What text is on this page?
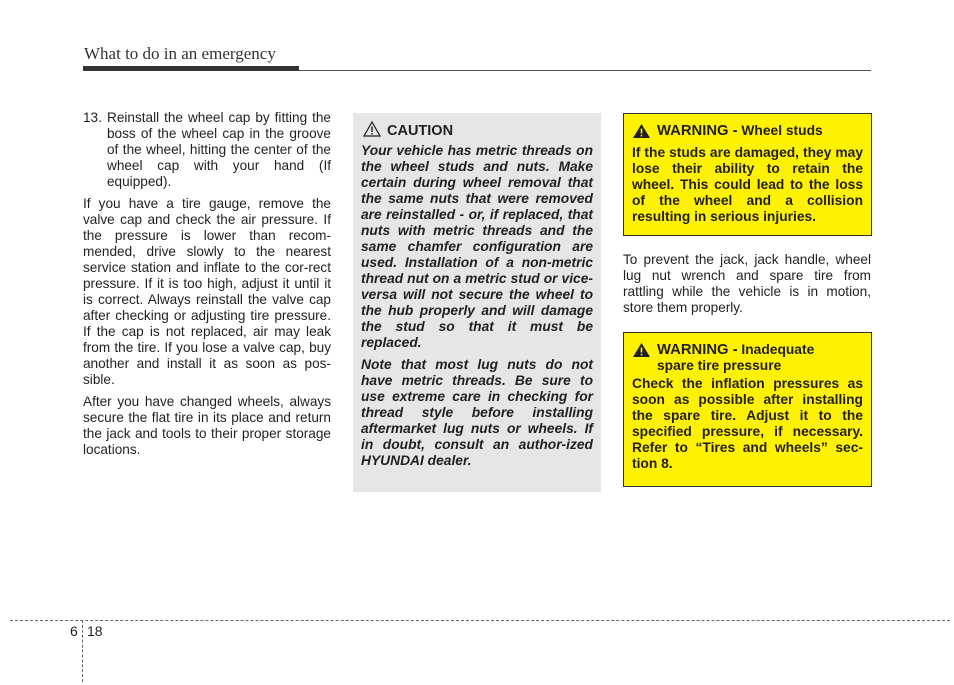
What to do in an emergency
13. Reinstall the wheel cap by fitting the boss of the wheel cap in the groove of the wheel, hitting the center of the wheel cap with your hand (If equipped).

If you have a tire gauge, remove the valve cap and check the air pressure. If the pressure is lower than recom-mended, drive slowly to the nearest service station and inflate to the cor-rect pressure. If it is too high, adjust it until it is correct. Always reinstall the valve cap after checking or adjusting tire pressure. If the cap is not replaced, air may leak from the tire. If you lose a valve cap, buy another and install it as soon as pos-sible.

After you have changed wheels, always secure the flat tire in its place and return the jack and tools to their proper storage locations.

CAUTION

Your vehicle has metric threads on the wheel studs and nuts. Make certain during wheel removal that the same nuts that were removed are reinstalled - or, if replaced, that nuts with metric threads and the same chamfer configuration are used. Installation of a non-metric thread nut on a metric stud or vice-versa will not secure the wheel to the hub properly and will damage the stud so that it must be replaced.

Note that most lug nuts do not have metric threads. Be sure to use extreme care in checking for thread style before installing aftermarket lug nuts or wheels. If in doubt, consult an author-ized HYUNDAI dealer.

WARNING - Wheel studs

If the studs are damaged, they may lose their ability to retain the wheel. This could lead to the loss of the wheel and a collision resulting in serious injuries.

To prevent the jack, jack handle, wheel lug nut wrench and spare tire from rattling while the vehicle is in motion, store them properly.

WARNING - Inadequate
spare tire pressure

Check the inflation pressures as soon as possible after installing the spare tire. Adjust it to the specified pressure, if necessary. Refer to “Tires and wheels” sec-tion 8.

6 18
